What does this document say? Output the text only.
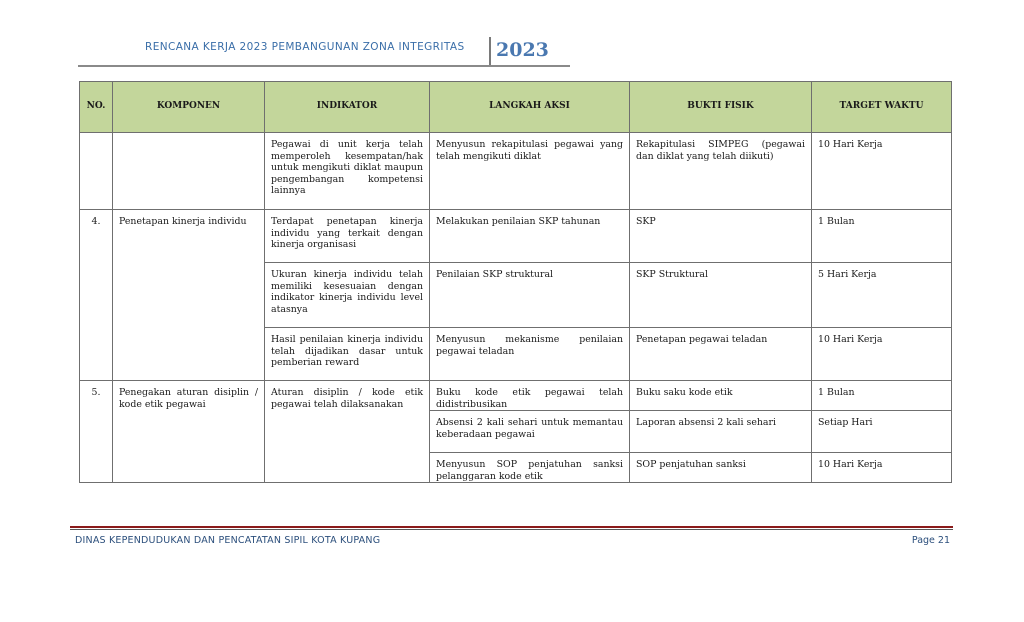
RENCANA KERJA 2023 PEMBANGUNAN ZONA INTEGRITAS 2023
NO.	KOMPONEN	INDIKATOR	LANGKAH AKSI	BUKTI FISIK	TARGET WAKTU
		Pegawai di unit kerja telah memperoleh kesempatan/hak untuk mengikuti diklat maupun pengembangan kompetensi lainnya	Menyusun rekapitulasi pegawai yang telah mengikuti diklat	Rekapitulasi SIMPEG (pegawai dan diklat yang telah diikuti)	10 Hari Kerja
4.	Penetapan kinerja individu	Terdapat penetapan kinerja individu yang terkait dengan kinerja organisasi	Melakukan penilaian SKP tahunan	SKP	1 Bulan
		Ukuran kinerja individu telah memiliki kesesuaian dengan indikator kinerja individu level atasnya	Penilaian SKP struktural	SKP Struktural	5 Hari Kerja
		Hasil penilaian kinerja individu telah dijadikan dasar untuk pemberian reward	Menyusun mekanisme penilaian pegawai teladan	Penetapan pegawai teladan	10 Hari Kerja
5.	Penegakan aturan disiplin / kode etik pegawai	Aturan disiplin / kode etik pegawai telah dilaksanakan	Buku kode etik pegawai telah didistribusikan	Buku saku kode etik	1 Bulan
			Absensi 2 kali sehari untuk memantau keberadaan pegawai	Laporan absensi 2 kali sehari	Setiap Hari
			Menyusun SOP penjatuhan sanksi pelanggaran kode etik	SOP penjatuhan sanksi	10 Hari Kerja
DINAS KEPENDUDUKAN DAN PENCATATAN SIPIL KOTA KUPANG	Page 21
